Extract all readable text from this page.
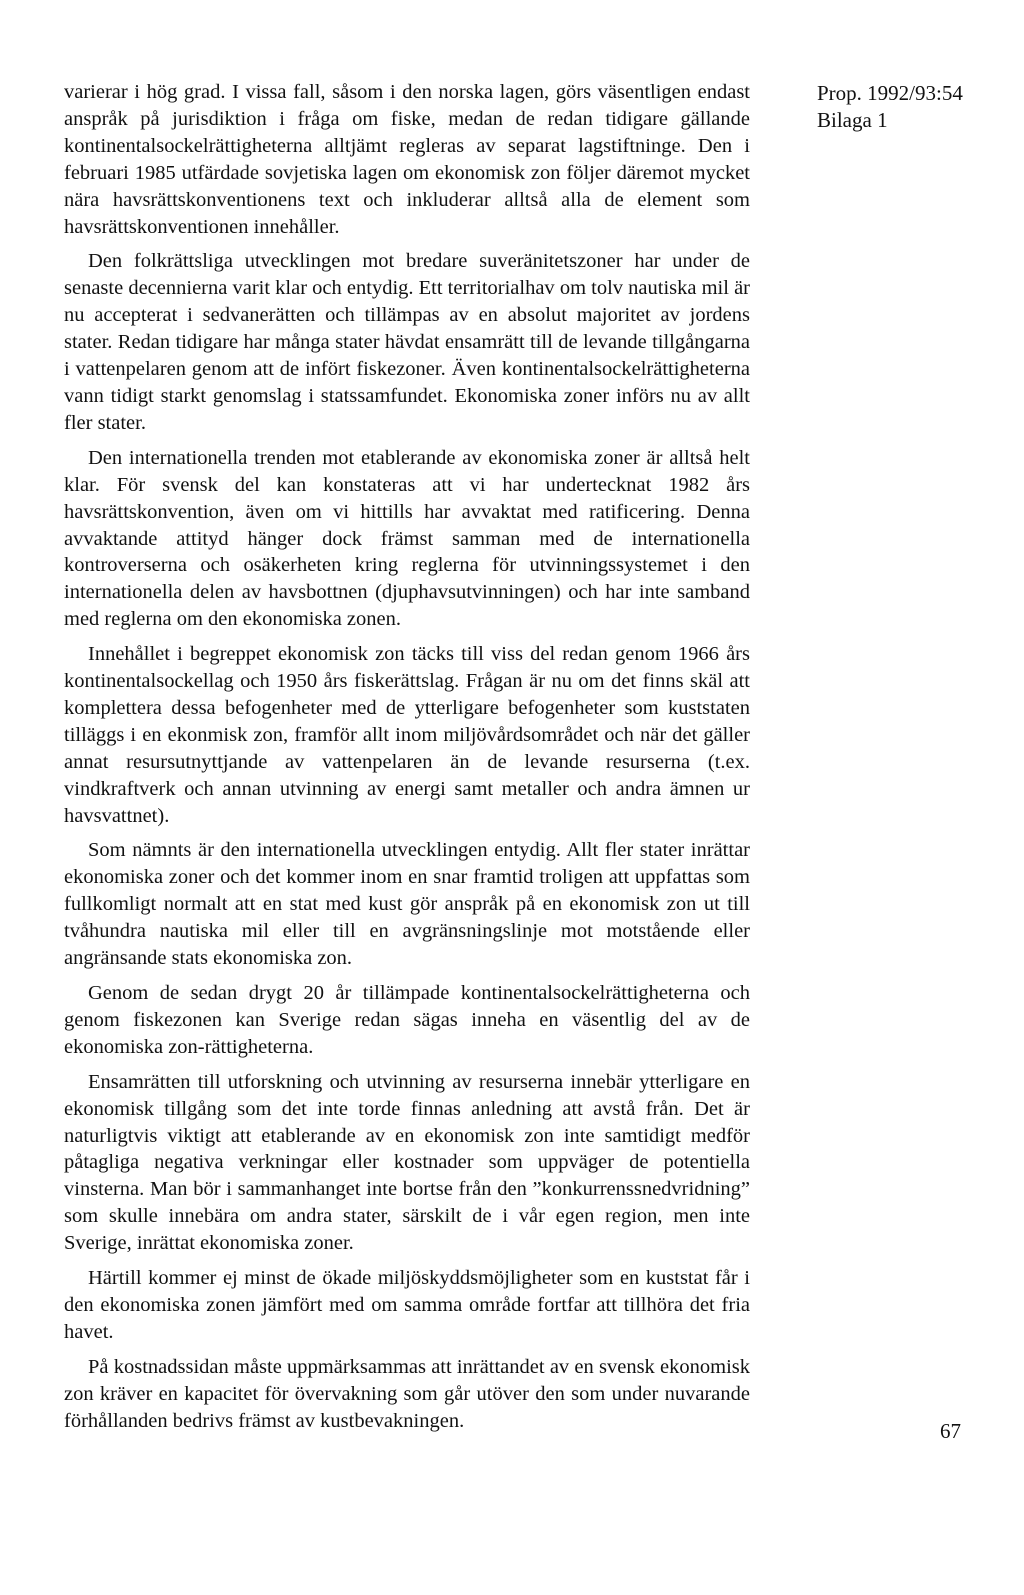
Prop. 1992/93:54
Bilaga 1

varierar i hög grad. I vissa fall, såsom i den norska lagen, görs väsentligen endast anspråk på jurisdiktion i fråga om fiske, medan de redan tidigare gällande kontinentalsockelrättigheterna alltjämt regleras av separat lagstiftninge. Den i februari 1985 utfärdade sovjetiska lagen om ekonomisk zon följer däremot mycket nära havsrättskonventionens text och inkluderar alltså alla de element som havsrättskonventionen innehåller.

Den folkrättsliga utvecklingen mot bredare suveränitetszoner har under de senaste decennierna varit klar och entydig. Ett territorialhav om tolv nautiska mil är nu accepterat i sedvanerätten och tillämpas av en absolut majoritet av jordens stater. Redan tidigare har många stater hävdat ensamrätt till de levande tillgångarna i vattenpelaren genom att de infört fiskezoner. Även kontinentalsockelrättigheterna vann tidigt starkt genomslag i statssamfundet. Ekonomiska zoner införs nu av allt fler stater.

Den internationella trenden mot etablerande av ekonomiska zoner är alltså helt klar. För svensk del kan konstateras att vi har undertecknat 1982 års havsrättskonvention, även om vi hittills har avvaktat med ratificering. Denna avvaktande attityd hänger dock främst samman med de internationella kontroverserna och osäkerheten kring reglerna för utvinningssystemet i den internationella delen av havsbottnen (djuphavsutvinningen) och har inte samband med reglerna om den ekonomiska zonen.

Innehållet i begreppet ekonomisk zon täcks till viss del redan genom 1966 års kontinentalsockellag och 1950 års fiskerättslag. Frågan är nu om det finns skäl att komplettera dessa befogenheter med de ytterligare befogenheter som kuststaten tilläggs i en ekonmisk zon, framför allt inom miljövårdsområdet och när det gäller annat resursutnyttjande av vattenpelaren än de levande resurserna (t.ex. vindkraftverk och annan utvinning av energi samt metaller och andra ämnen ur havsvattnet).

Som nämnts är den internationella utvecklingen entydig. Allt fler stater inrättar ekonomiska zoner och det kommer inom en snar framtid troligen att uppfattas som fullkomligt normalt att en stat med kust gör anspråk på en ekonomisk zon ut till tvåhundra nautiska mil eller till en avgränsningslinje mot motstående eller angränsande stats ekonomiska zon.

Genom de sedan drygt 20 år tillämpade kontinentalsockelrättigheterna och genom fiskezonen kan Sverige redan sägas inneha en väsentlig del av de ekonomiska zon-rättigheterna.

Ensamrätten till utforskning och utvinning av resurserna innebär ytterligare en ekonomisk tillgång som det inte torde finnas anledning att avstå från. Det är naturligtvis viktigt att etablerande av en ekonomisk zon inte samtidigt medför påtagliga negativa verkningar eller kostnader som uppväger de potentiella vinsterna. Man bör i sammanhanget inte bortse från den ”konkurrenssnedvridning” som skulle innebära om andra stater, särskilt de i vår egen region, men inte Sverige, inrättat ekonomiska zoner.

Härtill kommer ej minst de ökade miljöskyddsmöjligheter som en kuststat får i den ekonomiska zonen jämfört med om samma område fortfar att tillhöra det fria havet.

På kostnadssidan måste uppmärksammas att inrättandet av en svensk ekonomisk zon kräver en kapacitet för övervakning som går utöver den som under nuvarande förhållanden bedrivs främst av kustbevakningen.	67
